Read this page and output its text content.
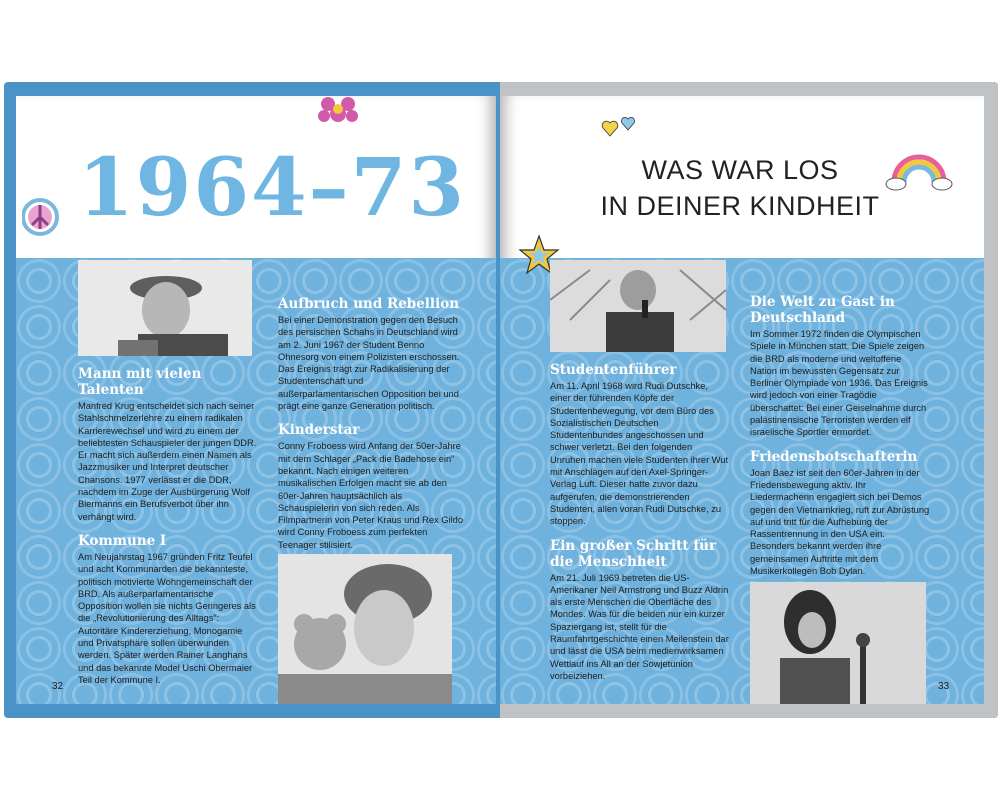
1964–73
Mann mit vielen Talenten

Manfred Krug entscheidet sich nach seiner Stahlschmelzerlehre zu einem radikalen Karrierewechsel und wird zu einem der beliebtesten Schauspieler der jungen DDR. Er macht sich außerdem einen Namen als Jazzmusiker und Interpret deutscher Chansons. 1977 verlässt er die DDR, nachdem im Zuge der Ausbürgerung Wolf Biermanns ein Berufsverbot über ihn verhängt wird.

Kommune I

Am Neujahrstag 1967 gründen Fritz Teufel und acht Kommunarden die bekannteste, politisch motivierte Wohngemeinschaft der BRD. Als außerparlamentarische Opposition wollen sie nichts Geringeres als die „Revolutionierung des Alltags“: Autoritäre Kindererziehung, Monogamie und Privatsphäre sollen überwunden werden. Später werden Rainer Langhans und das bekannte Model Uschi Obermaier Teil der Kommune I.

Aufbruch und Rebellion

Bei einer Demonstration gegen den Besuch des persischen Schahs in Deutschland wird am 2. Juni 1967 der Student Benno Ohnesorg von einem Polizisten erschossen. Das Ereignis trägt zur Radikalisierung der Studentenschaft und außerparlamentarischen Opposition bei und prägt eine ganze Generation politisch.

Kinderstar

Conny Froboess wird Anfang der 50er-Jahre mit dem Schlager „Pack die Badehose ein“ bekannt. Nach einigen weiteren musikalischen Erfolgen macht sie ab den 60er-Jahren hauptsächlich als Schauspielerin von sich reden. Als Filmpartnerin von Peter Kraus und Rex Gildo wird Conny Froboess zum perfekten Teenager stilisiert.

32
WAS WAR LOS
IN DEINER KINDHEIT
Studentenführer

Am 11. April 1968 wird Rudi Dutschke, einer der führenden Köpfe der Studentenbewegung, vor dem Büro des Sozialistischen Deutschen Studentenbundes angeschossen und schwer verletzt. Bei den folgenden Unruhen machen viele Studenten ihrer Wut mit Anschlägen auf den Axel-Springer-Verlag Luft. Dieser hatte zuvor dazu aufgerufen, die demonstrierenden Studenten, allen voran Rudi Dutschke, zu stoppen.

Ein großer Schritt für die Menschheit

Am 21. Juli 1969 betreten die US-Amerikaner Neil Armstrong und Buzz Aldrin als erste Menschen die Oberfläche des Mondes. Was für die beiden nur ein kurzer Spaziergang ist, stellt für die Raumfahrtgeschichte einen Meilenstein dar und lässt die USA beim medienwirksamen Wettlauf ins All an der Sowjetunion vorbeiziehen.

Die Welt zu Gast in Deutschland

Im Sommer 1972 finden die Olympischen Spiele in München statt. Die Spiele zeigen die BRD als moderne und weltoffene Nation im bewussten Gegensatz zur Berliner Olympiade von 1936. Das Ereignis wird jedoch von einer Tragödie überschattet: Bei einer Geiselnahme durch palästinensische Terroristen werden elf israelische Sportler ermordet.

Friedensbotschafterin

Joan Baez ist seit den 60er-Jahren in der Friedensbewegung aktiv. Ihr Liedermacherin engagiert sich bei Demos gegen den Vietnamkrieg, ruft zur Abrüstung auf und tritt für die Aufhebung der Rassentrennung in den USA ein. Besonders bekannt werden ihre gemeinsamen Auftritte mit dem Musikerkollegen Bob Dylan.

33
